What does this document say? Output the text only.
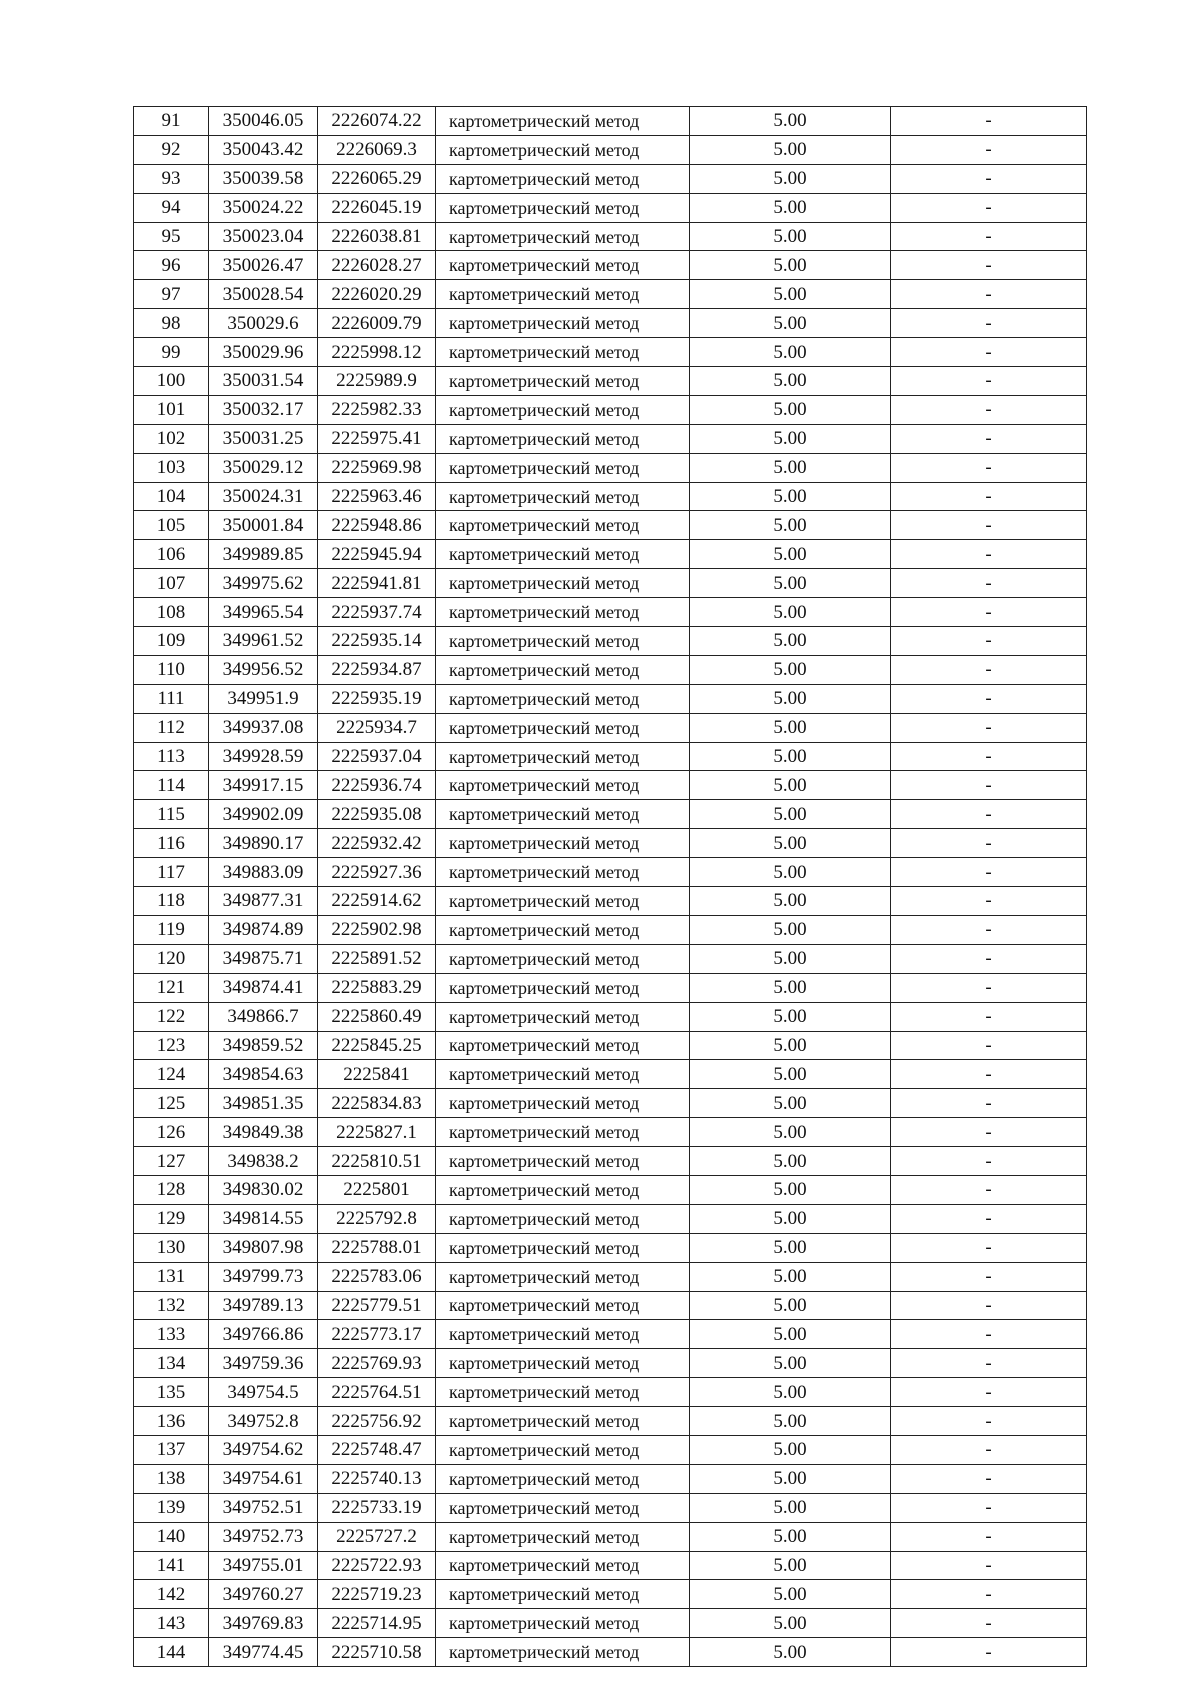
91	350046.05	2226074.22	картометрический метод	5.00	-
92	350043.42	2226069.3	картометрический метод	5.00	-
93	350039.58	2226065.29	картометрический метод	5.00	-
94	350024.22	2226045.19	картометрический метод	5.00	-
95	350023.04	2226038.81	картометрический метод	5.00	-
96	350026.47	2226028.27	картометрический метод	5.00	-
97	350028.54	2226020.29	картометрический метод	5.00	-
98	350029.6	2226009.79	картометрический метод	5.00	-
99	350029.96	2225998.12	картометрический метод	5.00	-
100	350031.54	2225989.9	картометрический метод	5.00	-
101	350032.17	2225982.33	картометрический метод	5.00	-
102	350031.25	2225975.41	картометрический метод	5.00	-
103	350029.12	2225969.98	картометрический метод	5.00	-
104	350024.31	2225963.46	картометрический метод	5.00	-
105	350001.84	2225948.86	картометрический метод	5.00	-
106	349989.85	2225945.94	картометрический метод	5.00	-
107	349975.62	2225941.81	картометрический метод	5.00	-
108	349965.54	2225937.74	картометрический метод	5.00	-
109	349961.52	2225935.14	картометрический метод	5.00	-
110	349956.52	2225934.87	картометрический метод	5.00	-
111	349951.9	2225935.19	картометрический метод	5.00	-
112	349937.08	2225934.7	картометрический метод	5.00	-
113	349928.59	2225937.04	картометрический метод	5.00	-
114	349917.15	2225936.74	картометрический метод	5.00	-
115	349902.09	2225935.08	картометрический метод	5.00	-
116	349890.17	2225932.42	картометрический метод	5.00	-
117	349883.09	2225927.36	картометрический метод	5.00	-
118	349877.31	2225914.62	картометрический метод	5.00	-
119	349874.89	2225902.98	картометрический метод	5.00	-
120	349875.71	2225891.52	картометрический метод	5.00	-
121	349874.41	2225883.29	картометрический метод	5.00	-
122	349866.7	2225860.49	картометрический метод	5.00	-
123	349859.52	2225845.25	картометрический метод	5.00	-
124	349854.63	2225841	картометрический метод	5.00	-
125	349851.35	2225834.83	картометрический метод	5.00	-
126	349849.38	2225827.1	картометрический метод	5.00	-
127	349838.2	2225810.51	картометрический метод	5.00	-
128	349830.02	2225801	картометрический метод	5.00	-
129	349814.55	2225792.8	картометрический метод	5.00	-
130	349807.98	2225788.01	картометрический метод	5.00	-
131	349799.73	2225783.06	картометрический метод	5.00	-
132	349789.13	2225779.51	картометрический метод	5.00	-
133	349766.86	2225773.17	картометрический метод	5.00	-
134	349759.36	2225769.93	картометрический метод	5.00	-
135	349754.5	2225764.51	картометрический метод	5.00	-
136	349752.8	2225756.92	картометрический метод	5.00	-
137	349754.62	2225748.47	картометрический метод	5.00	-
138	349754.61	2225740.13	картометрический метод	5.00	-
139	349752.51	2225733.19	картометрический метод	5.00	-
140	349752.73	2225727.2	картометрический метод	5.00	-
141	349755.01	2225722.93	картометрический метод	5.00	-
142	349760.27	2225719.23	картометрический метод	5.00	-
143	349769.83	2225714.95	картометрический метод	5.00	-
144	349774.45	2225710.58	картометрический метод	5.00	-
